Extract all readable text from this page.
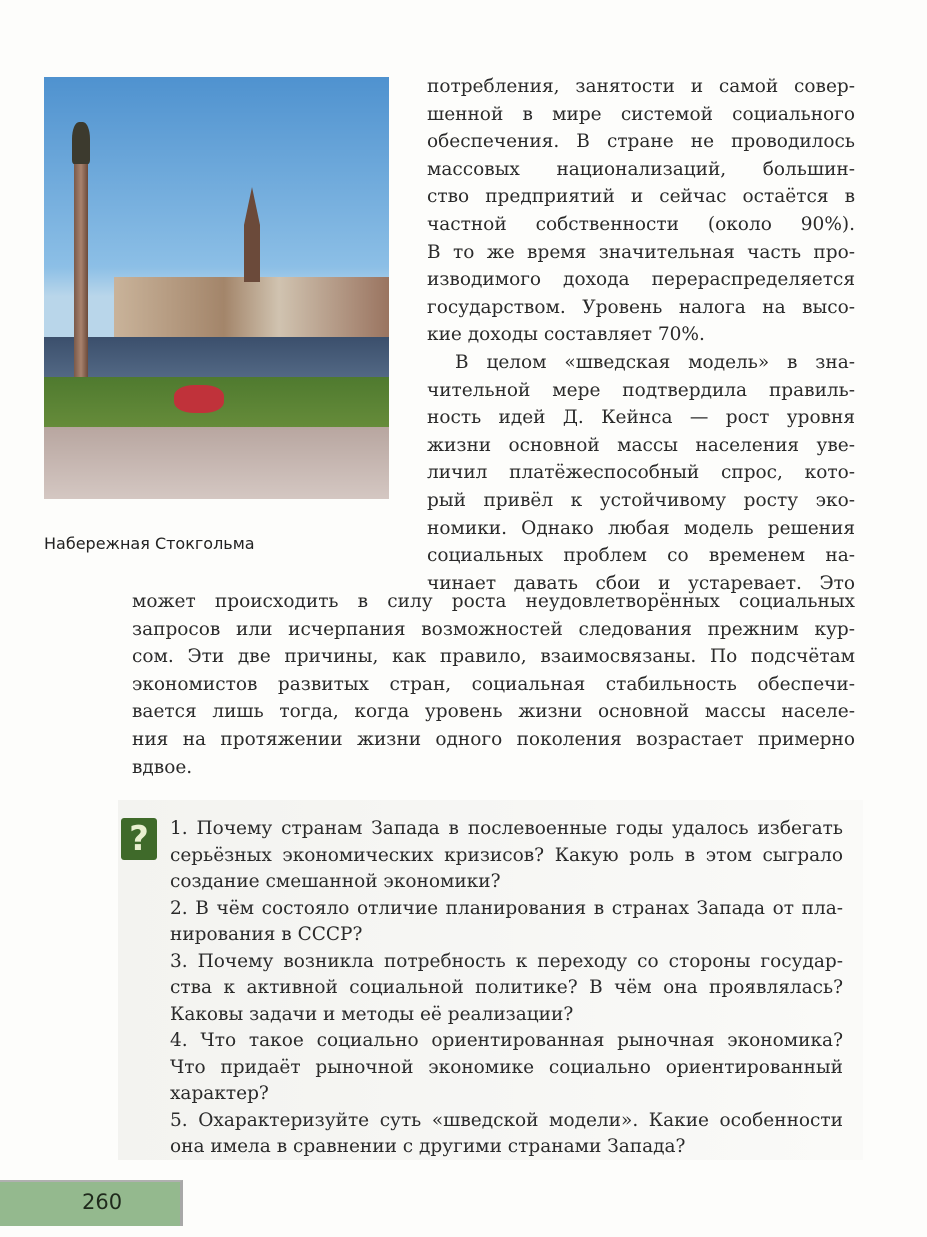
Набережная Стокгольма
потребления, занятости и самой совер-
шенной в мире системой социального
обеспечения. В стране не проводилось
массовых национализаций, большин-
ство предприятий и сейчас остаётся в
частной собственности (около 90%).
В то же время значительная часть про-
изводимого дохода перераспределяется
государством. Уровень налога на высо-
кие доходы составляет 70%.
В целом «шведская модель» в зна-
чительной мере подтвердила правиль-
ность идей Д. Кейнса — рост уровня
жизни основной массы населения уве-
личил платёжеспособный спрос, кото-
рый привёл к устойчивому росту эко-
номики. Однако любая модель решения
социальных проблем со временем на-
чинает давать сбои и устаревает. Это
может происходить в силу роста неудовлетворённых социальных
запросов или исчерпания возможностей следования прежним кур-
сом. Эти две причины, как правило, взаимосвязаны. По подсчётам
экономистов развитых стран, социальная стабильность обеспечи-
вается лишь тогда, когда уровень жизни основной массы населе-
ния на протяжении жизни одного поколения возрастает примерно
вдвое.
?	1. Почему странам Запада в послевоенные годы удалось избегать
серьёзных экономических кризисов? Какую роль в этом сыграло
создание смешанной экономики?
2. В чём состояло отличие планирования в странах Запада от пла-
нирования в СССР?
3. Почему возникла потребность к переходу со стороны государ-
ства к активной социальной политике? В чём она проявлялась?
Каковы задачи и методы её реализации?
4. Что такое социально ориентированная рыночная экономика?
Что придаёт рыночной экономике социально ориентированный
характер?
5. Охарактеризуйте суть «шведской модели». Какие особенности
она имела в сравнении с другими странами Запада?
260
